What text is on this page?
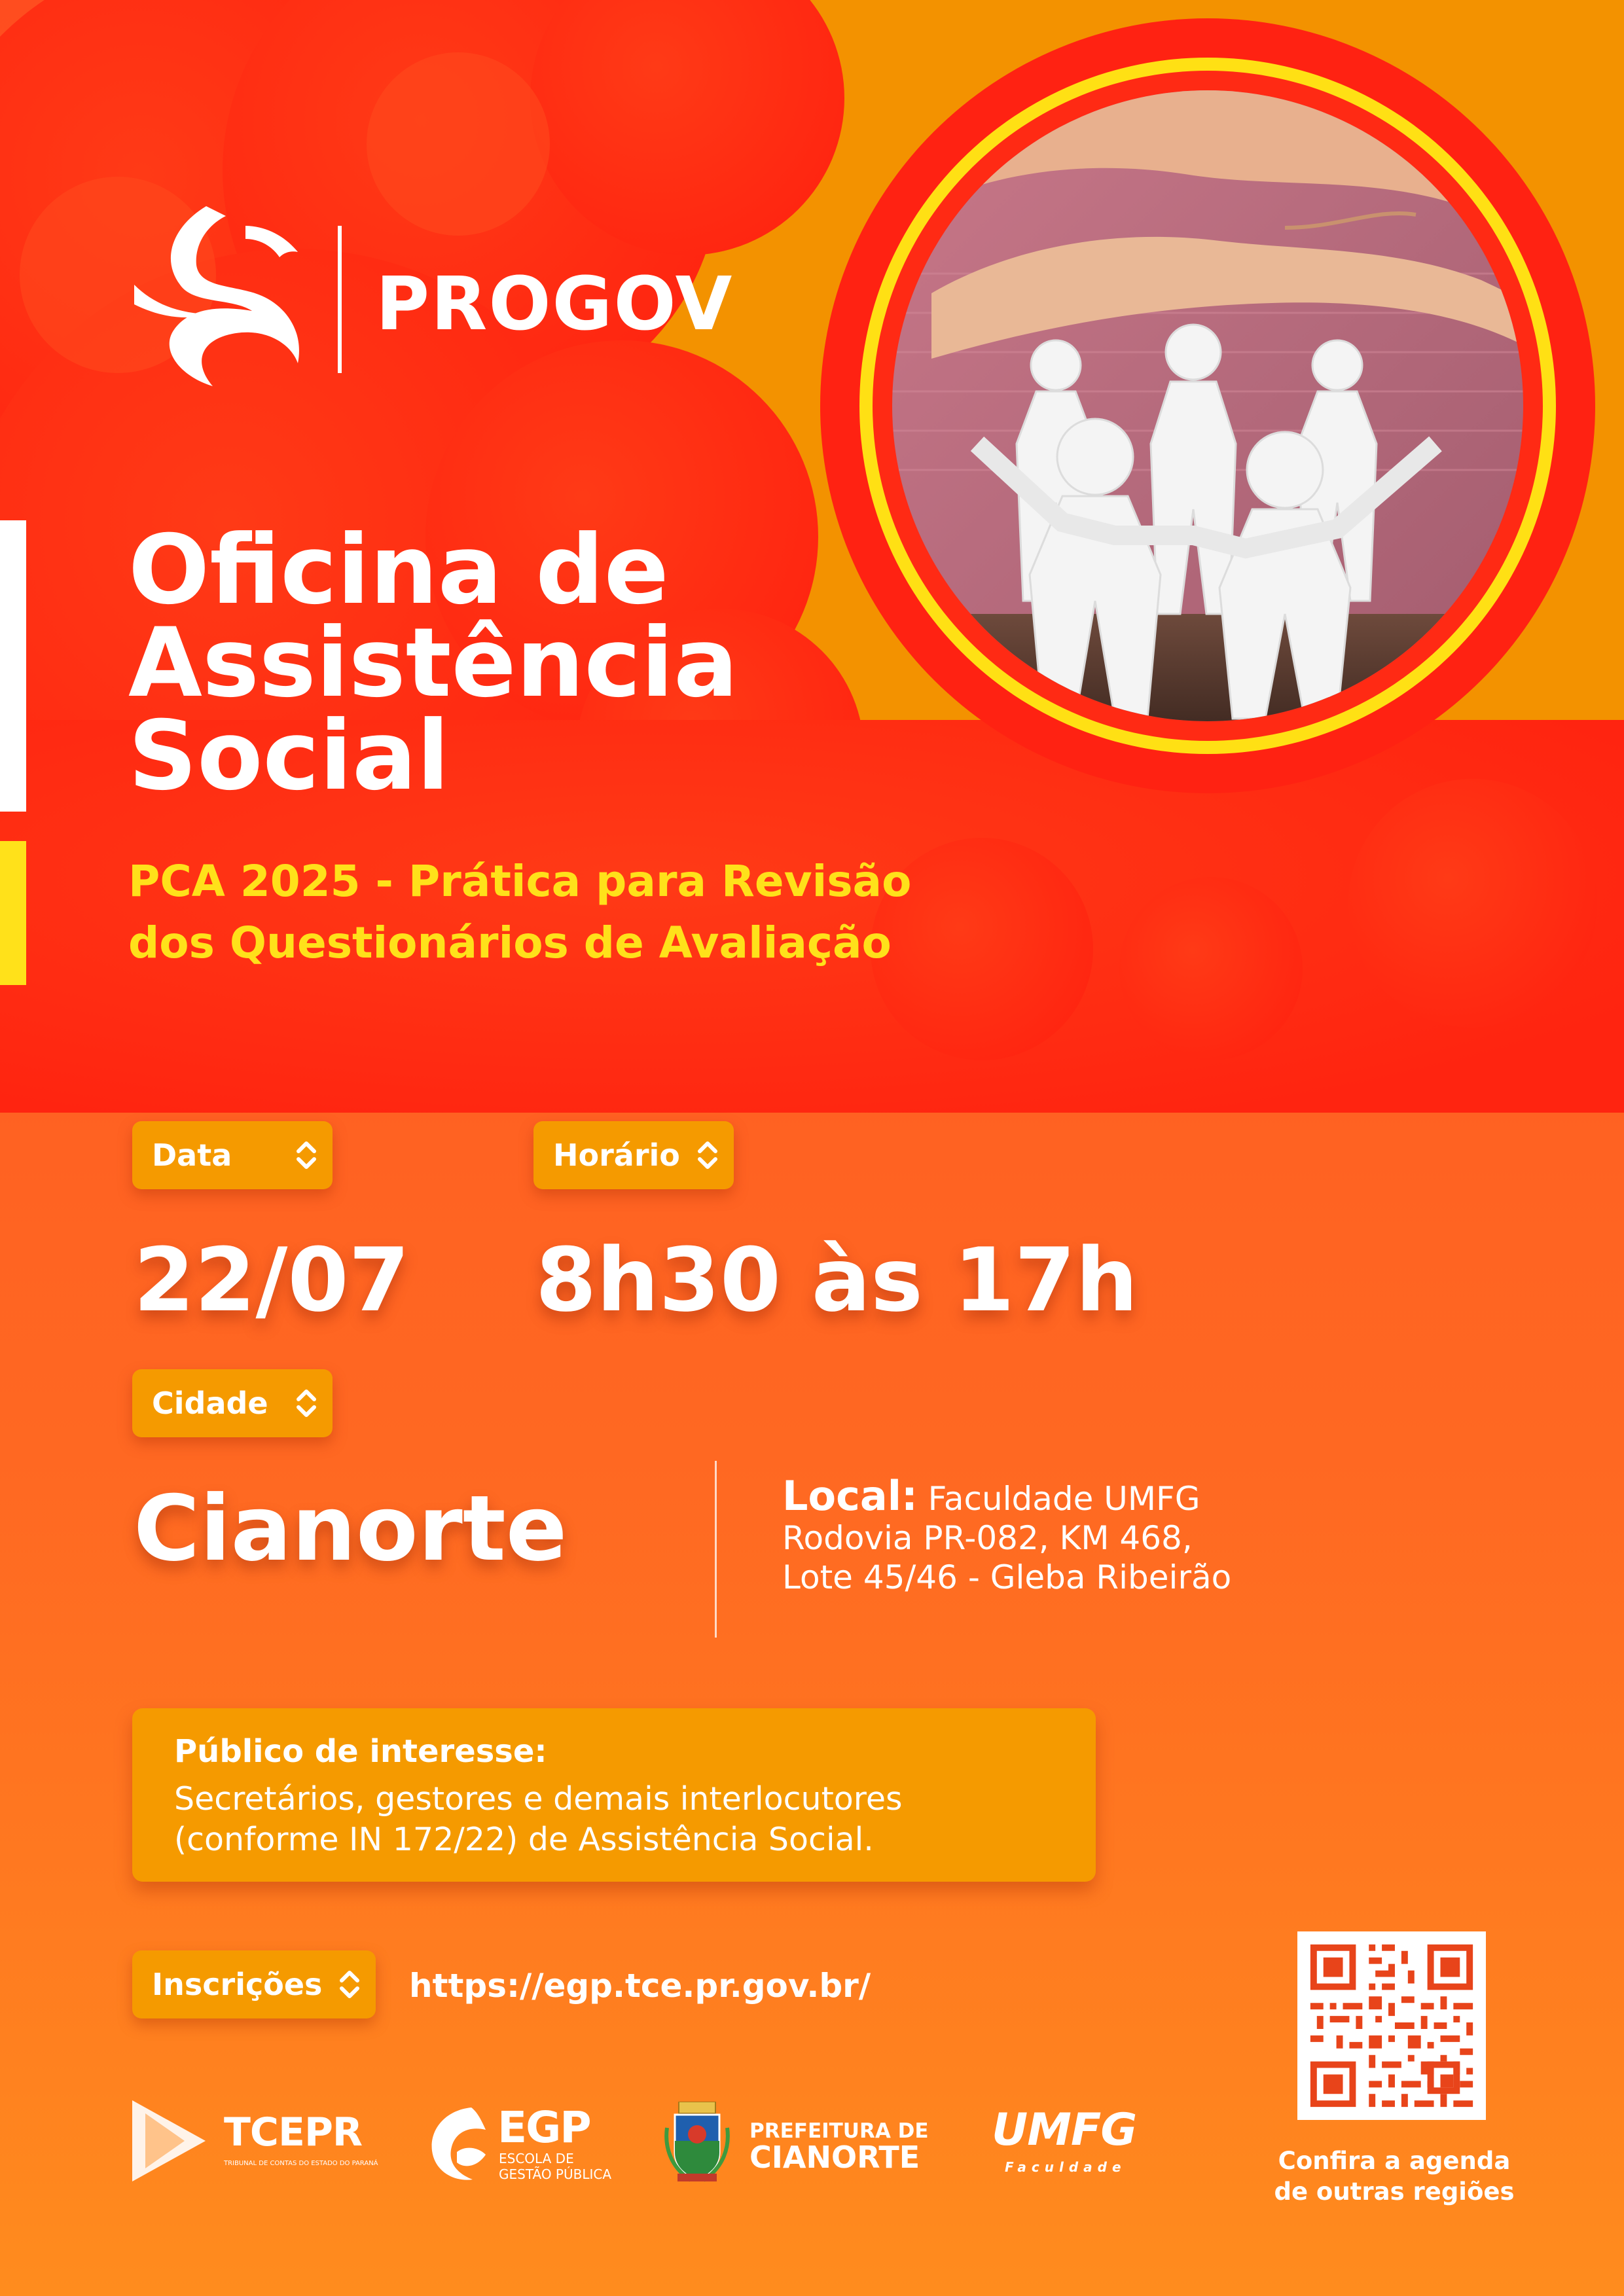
PROGOV
Oficina de
Assistência
Social
PCA 2025 - Prática para Revisão
dos Questionários de Avaliação
Data	Horário
22/07 8h30 às 17h
Cidade
Cianorte	Local: Faculdade UMFG
Rodovia PR-082, KM 468,
Lote 45/46 - Gleba Ribeirão
Público de interesse:
Secretários, gestores e demais interlocutores
(conforme IN 172/22) de Assistência Social.
Inscrições	https://egp.tce.pr.gov.br/
Confira a agenda
de outras regiões
TCEPR
TRIBUNAL DE CONTAS DO ESTADO DO PARANÁ
EGP
ESCOLA DE
GESTÃO PÚBLICA
PREFEITURA DE
CIANORTE
UMFG
Faculdade
